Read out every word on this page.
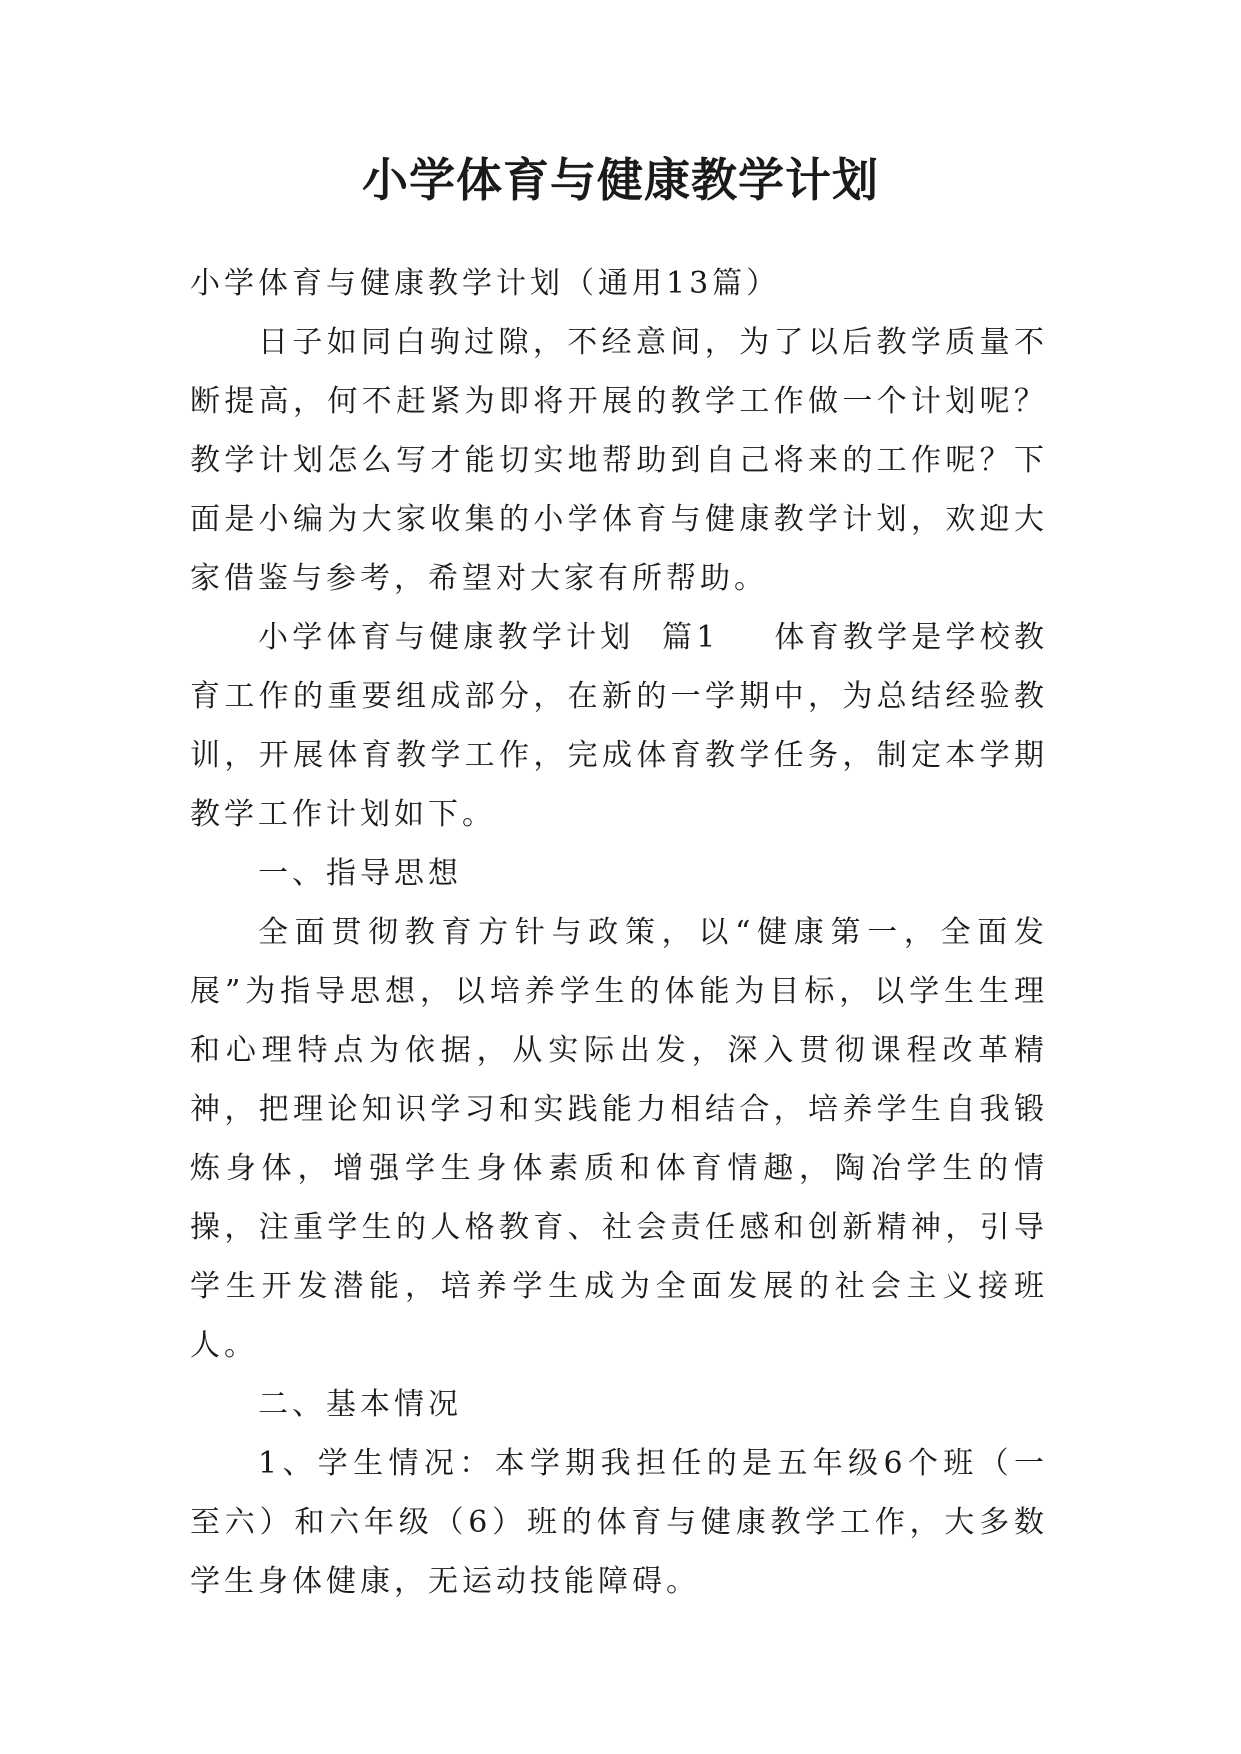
小学体育与健康教学计划

小学体育与健康教学计划（通用13篇）

日子如同白驹过隙，不经意间，为了以后教学质量不断提高，何不赶紧为即将开展的教学工作做一个计划呢？教学计划怎么写才能切实地帮助到自己将来的工作呢？下面是小编为大家收集的小学体育与健康教学计划，欢迎大家借鉴与参考，希望对大家有所帮助。

小学体育与健康教学计划  篇1    体育教学是学校教育工作的重要组成部分，在新的一学期中，为总结经验教训，开展体育教学工作，完成体育教学任务，制定本学期教学工作计划如下。

一、指导思想

全面贯彻教育方针与政策，以“健康第一，全面发展”为指导思想，以培养学生的体能为目标，以学生生理和心理特点为依据，从实际出发，深入贯彻课程改革精神，把理论知识学习和实践能力相结合，培养学生自我锻炼身体，增强学生身体素质和体育情趣，陶冶学生的情操，注重学生的人格教育、社会责任感和创新精神，引导学生开发潜能，培养学生成为全面发展的社会主义接班人。

二、基本情况

1、学生情况：本学期我担任的是五年级6个班（一至六）和六年级（6）班的体育与健康教学工作，大多数学生身体健康，无运动技能障碍。
